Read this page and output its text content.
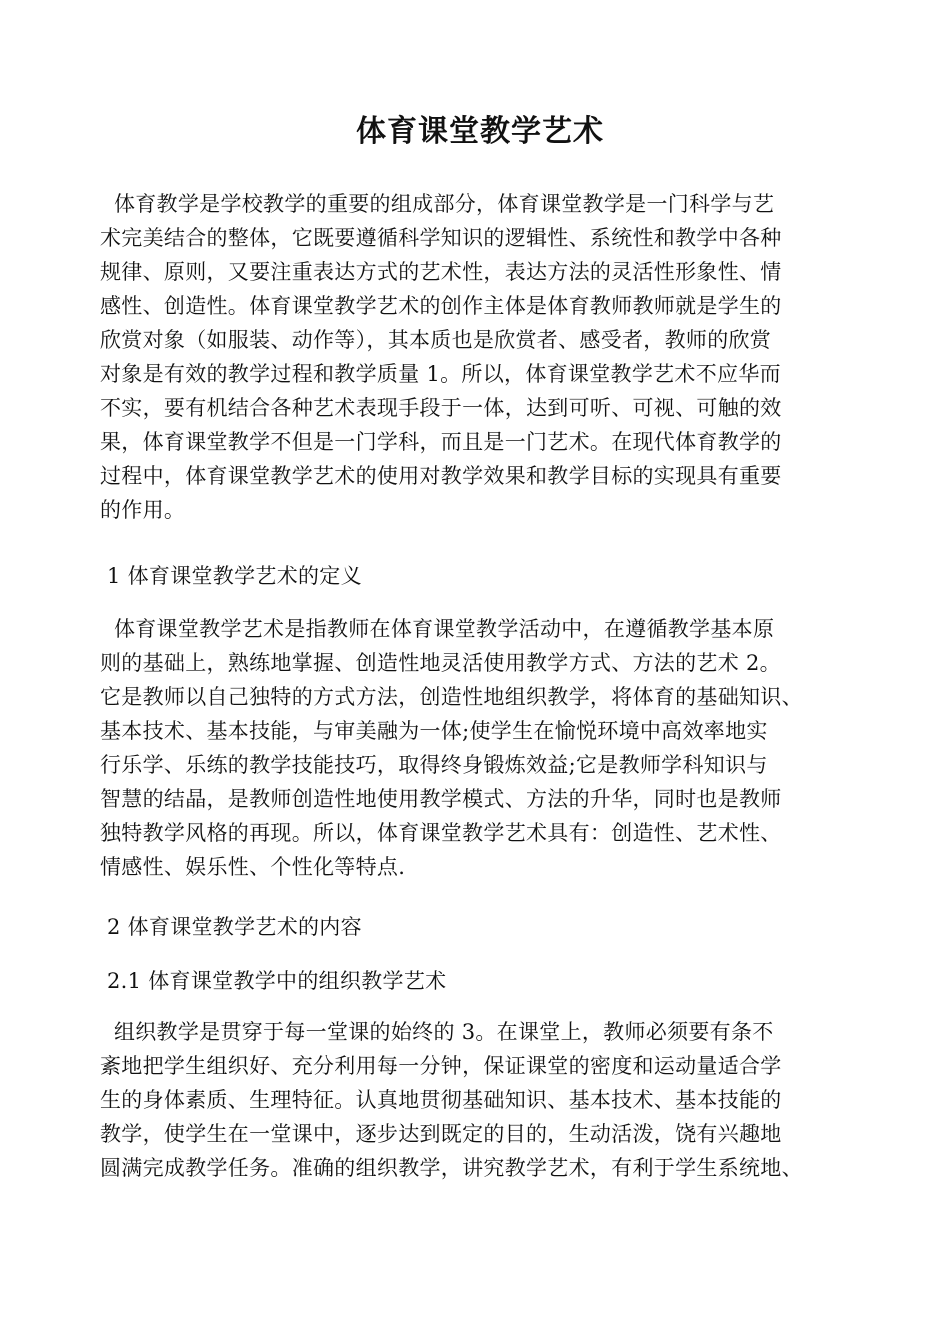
体育课堂教学艺术
体育教学是学校教学的重要的组成部分，体育课堂教学是一门科学与艺
术完美结合的整体，它既要遵循科学知识的逻辑性、系统性和教学中各种
规律、原则，又要注重表达方式的艺术性，表达方法的灵活性形象性、情
感性、创造性。体育课堂教学艺术的创作主体是体育教师教师就是学生的
欣赏对象（如服装、动作等），其本质也是欣赏者、感受者，教师的欣赏
对象是有效的教学过程和教学质量 1。所以，体育课堂教学艺术不应华而
不实，要有机结合各种艺术表现手段于一体，达到可听、可视、可触的效
果，体育课堂教学不但是一门学科，而且是一门艺术。在现代体育教学的
过程中，体育课堂教学艺术的使用对教学效果和教学目标的实现具有重要
的作用。
1 体育课堂教学艺术的定义
体育课堂教学艺术是指教师在体育课堂教学活动中，在遵循教学基本原
则的基础上，熟练地掌握、创造性地灵活使用教学方式、方法的艺术 2。
它是教师以自己独特的方式方法，创造性地组织教学，将体育的基础知识、
基本技术、基本技能，与审美融为一体;使学生在愉悦环境中高效率地实
行乐学、乐练的教学技能技巧，取得终身锻炼效益;它是教师学科知识与
智慧的结晶，是教师创造性地使用教学模式、方法的升华，同时也是教师
独特教学风格的再现。所以，体育课堂教学艺术具有：创造性、艺术性、
情感性、娱乐性、个性化等特点.
2 体育课堂教学艺术的内容
2.1 体育课堂教学中的组织教学艺术
组织教学是贯穿于每一堂课的始终的 3。在课堂上，教师必须要有条不
紊地把学生组织好、充分利用每一分钟，保证课堂的密度和运动量适合学
生的身体素质、生理特征。认真地贯彻基础知识、基本技术、基本技能的
教学，使学生在一堂课中，逐步达到既定的目的，生动活泼，饶有兴趣地
圆满完成教学任务。准确的组织教学，讲究教学艺术，有利于学生系统地、
